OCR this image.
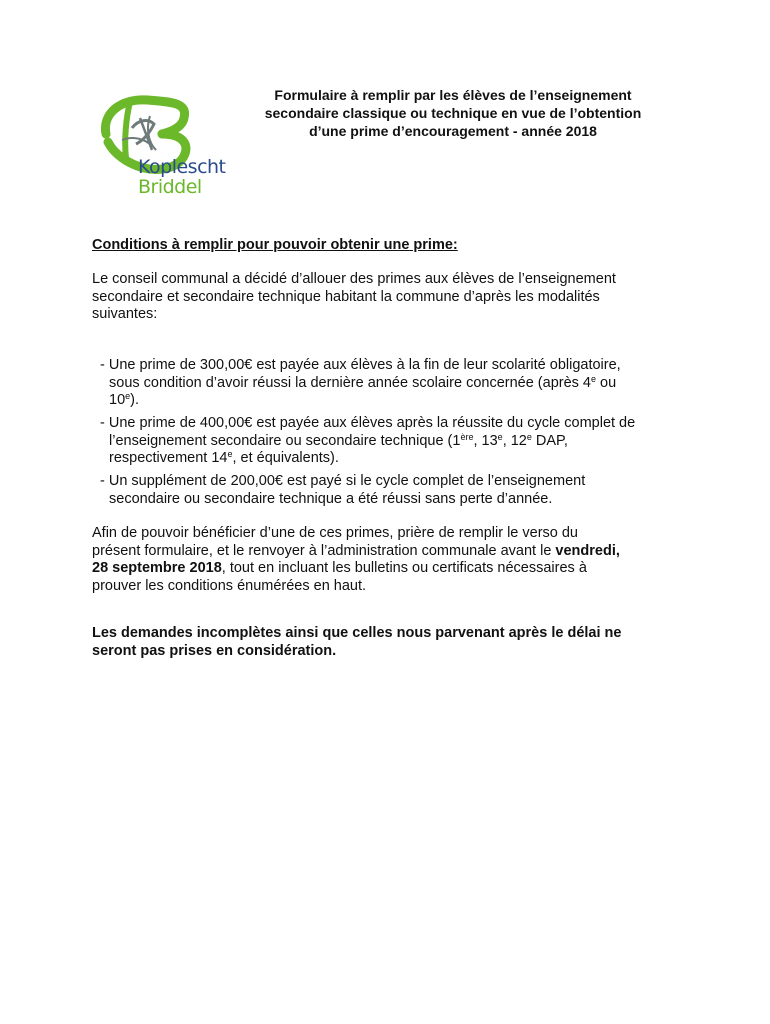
Koplescht
Briddel
Formulaire à remplir par les élèves de l’enseignement
secondaire classique ou technique en vue de l’obtention
d’une prime d’encouragement - année 2018
Conditions à remplir pour pouvoir obtenir une prime:
Le conseil communal a décidé d’allouer des primes aux élèves de l’enseignement
secondaire et secondaire technique habitant la commune d’après les modalités
suivantes:
- Une prime de 300,00€ est payée aux élèves à la fin de leur scolarité obligatoire,
sous condition d’avoir réussi la dernière année scolaire concernée (après 4e ou
10e).
- Une prime de 400,00€ est payée aux élèves après la réussite du cycle complet de
l’enseignement secondaire ou secondaire technique (1ère, 13e, 12e DAP,
respectivement 14e, et équivalents).
- Un supplément de 200,00€ est payé si le cycle complet de l’enseignement
secondaire ou secondaire technique a été réussi sans perte d’année.
Afin de pouvoir bénéficier d’une de ces primes, prière de remplir le verso du
présent formulaire, et le renvoyer à l’administration communale avant le vendredi,
28 septembre 2018, tout en incluant les bulletins ou certificats nécessaires à
prouver les conditions énumérées en haut.
Les demandes incomplètes ainsi que celles nous parvenant après le délai ne
seront pas prises en considération.
